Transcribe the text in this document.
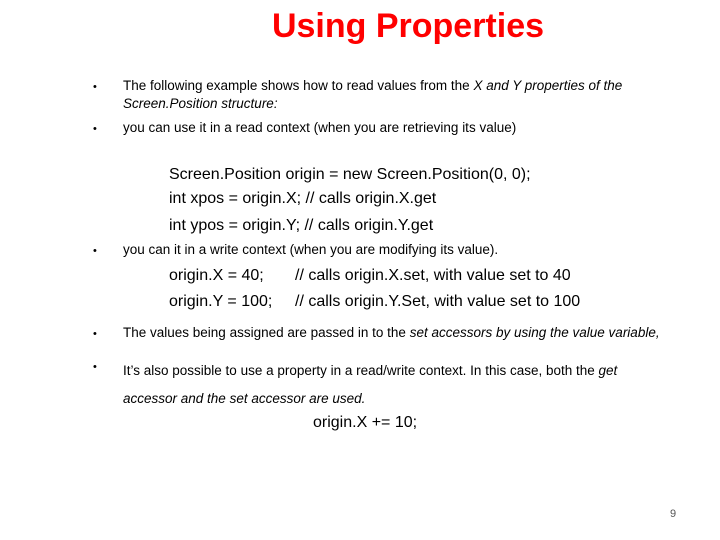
Using Properties
• The following example shows how to read values from the X and Y properties of the
Screen.Position structure:
• you can use it in a read context (when you are retrieving its value)
Screen.Position origin = new Screen.Position(0, 0);
int xpos = origin.X; // calls origin.X.get
int ypos = origin.Y; // calls origin.Y.get
• you can it in a write context (when you are modifying its value).
origin.X = 40; // calls origin.X.set, with value set to 40
origin.Y = 100; // calls origin.Y.Set, with value set to 100
• The values being assigned are passed in to the set accessors by using the value variable,
• It’s also possible to use a property in a read/write context. In this case, both the get
accessor and the set accessor are used.
origin.X += 10;
9
